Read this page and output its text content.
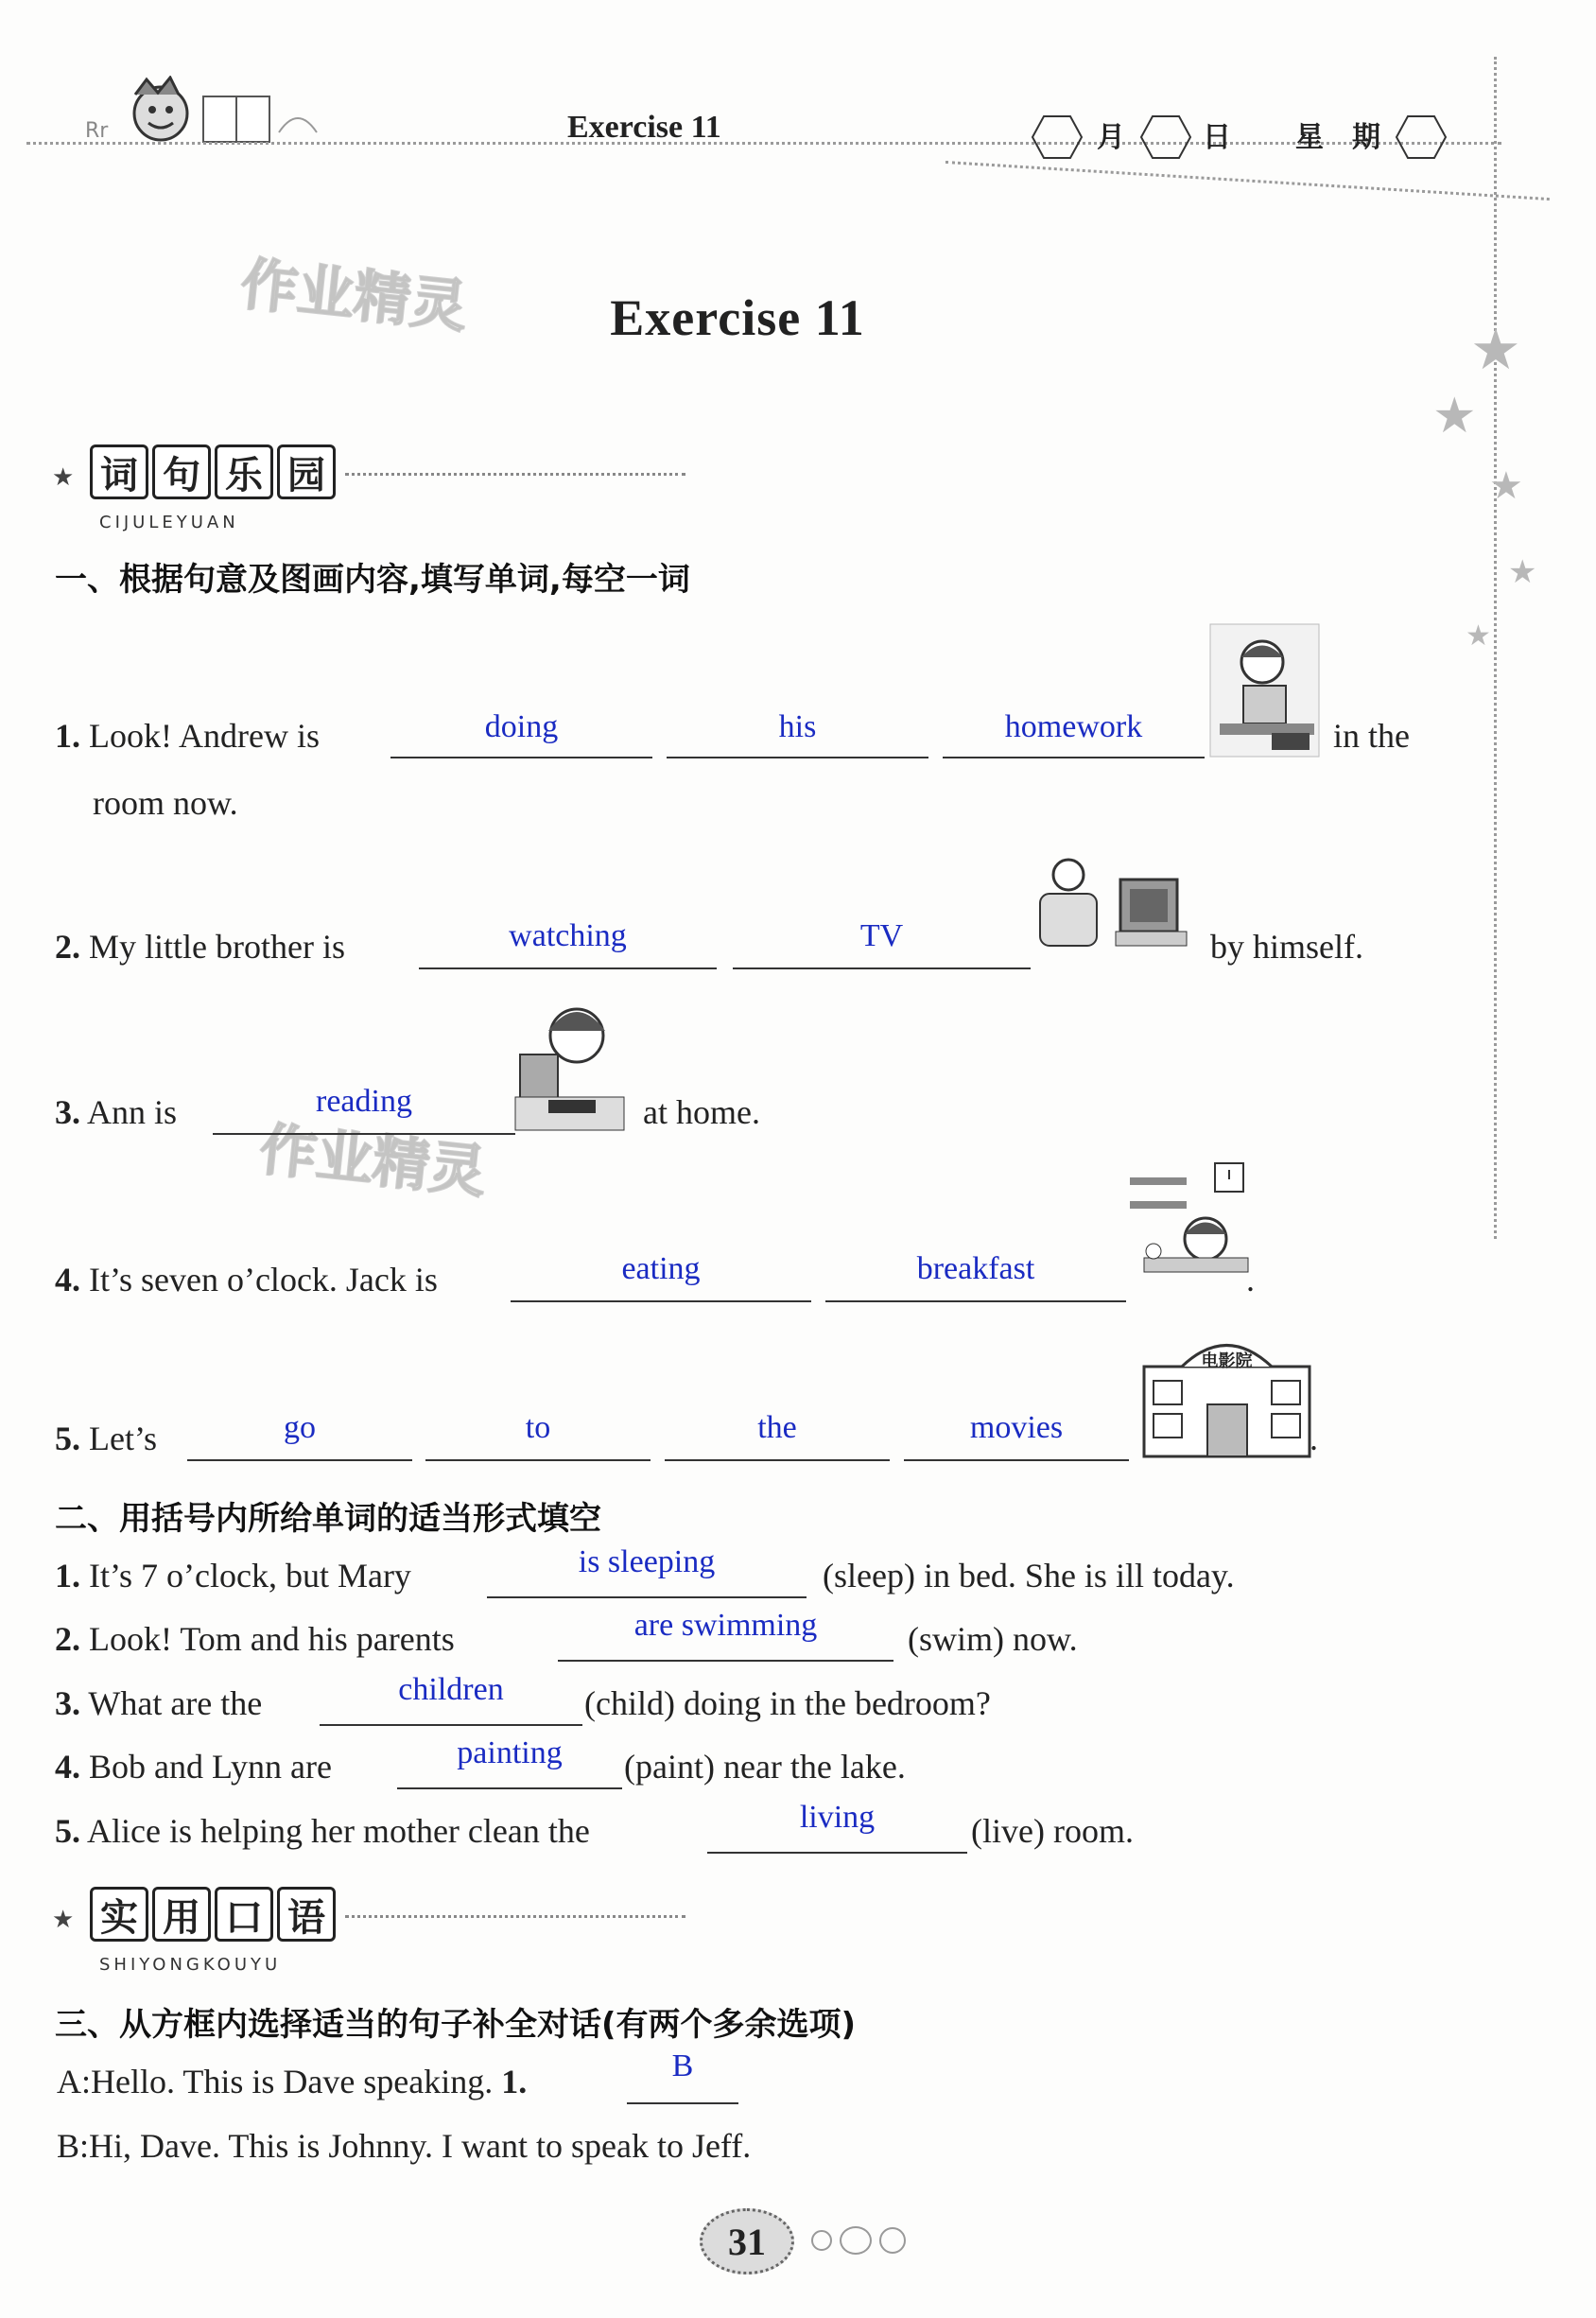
Rr	Exercise 11	月	日 星 期
★
★
★
★
★
作业精灵
作业精灵
Exercise 11
★ 词 句 乐 园
CIJULEYUAN
一、根据句意及图画内容,填写单词,每空一词
1. Look! Andrew is	doing	his	homework	in the
room now.
2. My little brother is	watching	TV	by himself.
3. Ann is	reading	at home.
4. It’s seven o’clock. Jack is	eating	breakfast	.
5. Let’s	go	to	the	movies
电影院
.
二、用括号内所给单词的适当形式填空
1. It’s 7 o’clock, but Mary	is sleeping	(sleep) in bed. She is ill today.
2. Look! Tom and his parents	are swimming	(swim) now.
3. What are the	children	(child) doing in the bedroom?
4. Bob and Lynn are	painting	(paint) near the lake.
5. Alice is helping her mother clean the	living	(live) room.
★ 实 用 口 语
SHIYONGKOUYU
三、从方框内选择适当的句子补全对话(有两个多余选项)
A:Hello. This is Dave speaking. 1.	B
B:Hi, Dave. This is Johnny. I want to speak to Jeff.
31
